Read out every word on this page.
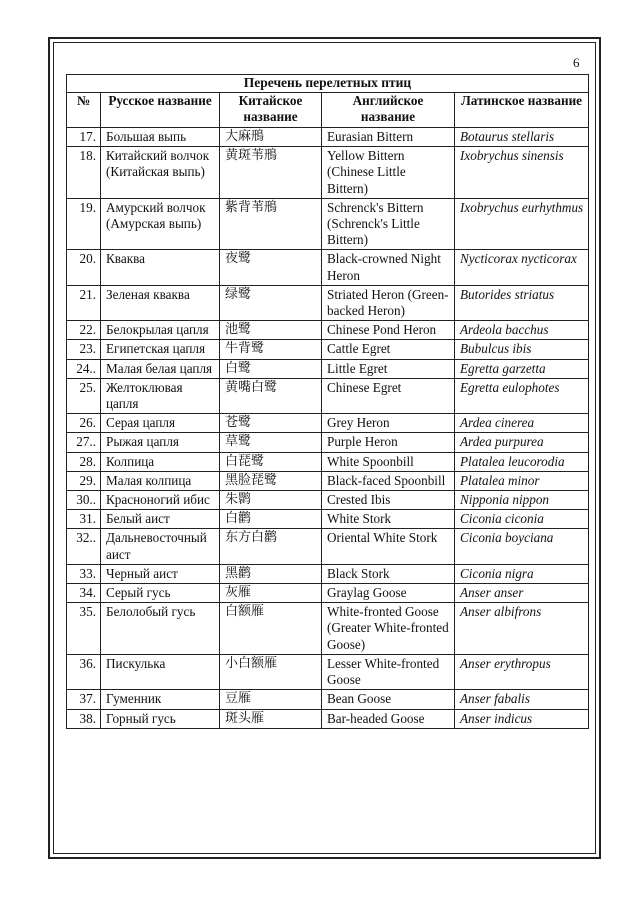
6
Перечень перелетных птиц				
№	Русское название	Китайское название	Английское название	Латинское название
17.	Большая выпь	大麻鳽	Eurasian Bittern	Botaurus stellaris
18.	Китайский волчок (Китайская выпь)	黄斑苇鳽	Yellow Bittern (Chinese Little Bittern)	Ixobrychus sinensis
19.	Амурский волчок (Амурская выпь)	紫背苇鳽	Schrenck's Bittern (Schrenck's Little Bittern)	Ixobrychus eurhythmus
20.	Кваква	夜鹭	Black-crowned Night Heron	Nycticorax nycticorax
21.	Зеленая кваква	绿鹭	Striated Heron (Green-backed Heron)	Butorides striatus
22.	Белокрылая цапля	池鹭	Chinese Pond Heron	Ardeola bacchus
23.	Египетская цапля	牛背鹭	Cattle Egret	Bubulcus ibis
24..	Малая белая цапля	白鹭	Little Egret	Egretta garzetta
25.	Желтоклювая цапля	黄嘴白鹭	Chinese Egret	Egretta eulophotes
26.	Серая цапля	苍鹭	Grey Heron	Ardea cinerea
27..	Рыжая цапля	草鹭	Purple Heron	Ardea purpurea
28.	Колпица	白琵鹭	White Spoonbill	Platalea leucorodia
29.	Малая колпица	黑脸琵鹭	Black-faced Spoonbill	Platalea minor
30..	Красноногий ибис	朱鹮	Crested Ibis	Nipponia nippon
31.	Белый аист	白鹳	White Stork	Ciconia ciconia
32..	Дальневосточный аист	东方白鹳	Oriental White Stork	Ciconia boyciana
33.	Черный аист	黑鹳	Black Stork	Ciconia nigra
34.	Серый гусь	灰雁	Graylag Goose	Anser anser
35.	Белолобый гусь	白额雁	White-fronted Goose (Greater White-fronted Goose)	Anser albifrons
36.	Пискулька	小白额雁	Lesser White-fronted Goose	Anser erythropus
37.	Гуменник	豆雁	Bean Goose	Anser fabalis
38.	Горный гусь	斑头雁	Bar-headed Goose	Anser indicus
